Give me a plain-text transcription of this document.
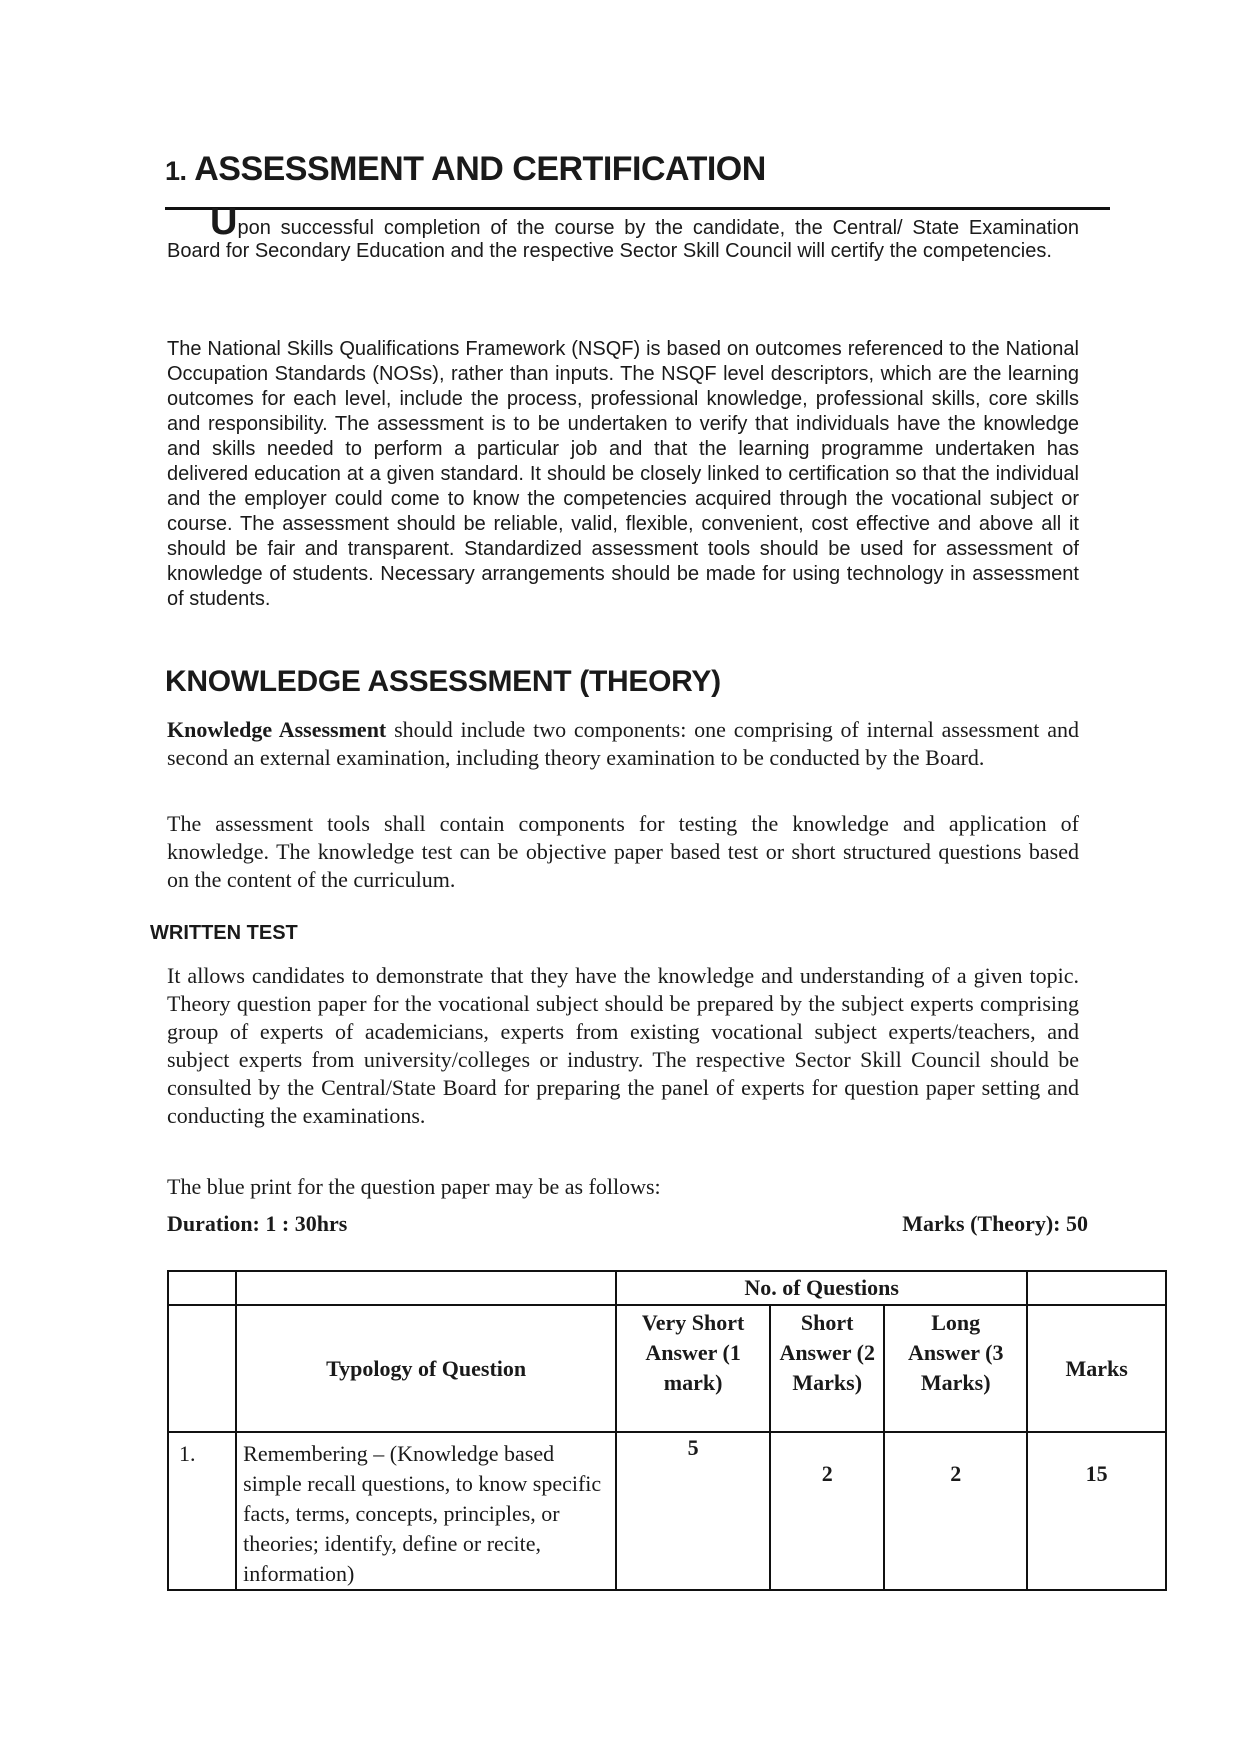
1. ASSESSMENT AND CERTIFICATION

Upon successful completion of the course by the candidate, the Central/ State Examination Board for Secondary Education and the respective Sector Skill Council will certify the competencies.

The National Skills Qualifications Framework (NSQF) is based on outcomes referenced to the National Occupation Standards (NOSs), rather than inputs. The NSQF level descriptors, which are the learning outcomes for each level, include the process, professional knowledge, professional skills, core skills and responsibility. The assessment is to be undertaken to verify that individuals have the knowledge and skills needed to perform a particular job and that the learning programme undertaken has delivered education at a given standard. It should be closely linked to certification so that the individual and the employer could come to know the competencies acquired through the vocational subject or course. The assessment should be reliable, valid, flexible, convenient, cost effective and above all it should be fair and transparent. Standardized assessment tools should be used for assessment of knowledge of students. Necessary arrangements should be made for using technology in assessment of students.

KNOWLEDGE ASSESSMENT (THEORY)

Knowledge Assessment should include two components: one comprising of internal assessment and second an external examination, including theory examination to be conducted by the Board.

The assessment tools shall contain components for testing the knowledge and application of knowledge. The knowledge test can be objective paper based test or short structured questions based on the content of the curriculum.

WRITTEN TEST

It allows candidates to demonstrate that they have the knowledge and understanding of a given topic. Theory question paper for the vocational subject should be prepared by the subject experts comprising group of experts of academicians, experts from existing vocational subject experts/teachers, and subject experts from university/colleges or industry. The respective Sector Skill Council should be consulted by the Central/State Board for preparing the panel of experts for question paper setting and conducting the examinations.

The blue print for the question paper may be as follows:

Duration: 1 : 30hrs	Marks (Theory): 50
		No. of Questions			
	Typology of Question	Very Short Answer (1 mark)	Short Answer (2 Marks)	Long Answer (3 Marks)	Marks
1.	Remembering – (Knowledge based simple recall questions, to know specific facts, terms, concepts, principles, or theories; identify, define or recite, information)	5	2	2	15
